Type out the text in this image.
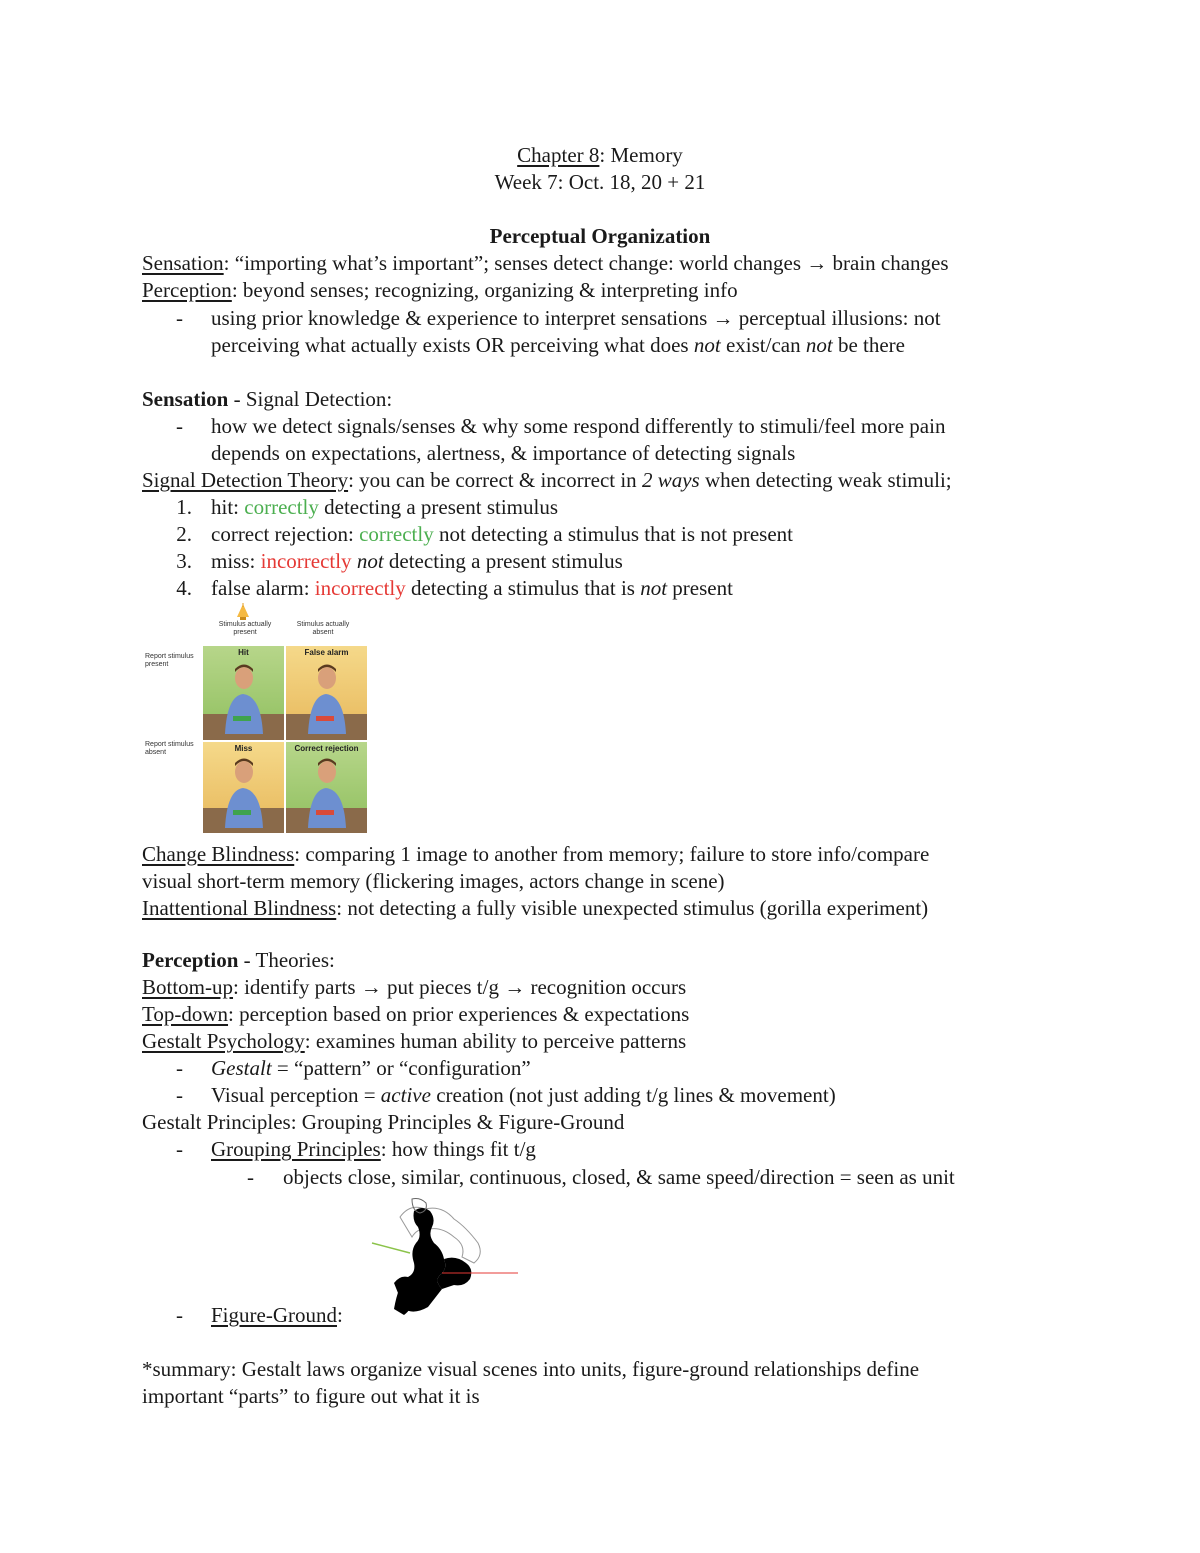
Chapter 8: Memory
Week 7: Oct. 18, 20 + 21
Perceptual Organization
Sensation: “importing what’s important”; senses detect change: world changes → brain changes
Perception: beyond senses; recognizing, organizing & interpreting info
- using prior knowledge & experience to interpret sensations → perceptual illusions: not
perceiving what actually exists OR perceiving what does not exist/can not be there
Sensation - Signal Detection:
- how we detect signals/senses & why some respond differently to stimuli/feel more pain
depends on expectations, alertness, & importance of detecting signals
Signal Detection Theory: you can be correct & incorrect in 2 ways when detecting weak stimuli;
1. hit: correctly detecting a present stimulus
2. correct rejection: correctly not detecting a stimulus that is not present
3. miss: incorrectly not detecting a present stimulus
4. false alarm: incorrectly detecting a stimulus that is not present
Stimulus actually present
Stimulus actually absent
Report stimulus present
Report stimulus absent
Hit	False alarm
Miss	Correct rejection
Change Blindness: comparing 1 image to another from memory; failure to store info/compare
visual short-term memory (flickering images, actors change in scene)
Inattentional Blindness: not detecting a fully visible unexpected stimulus (gorilla experiment)
Perception - Theories:
Bottom-up: identify parts → put pieces t/g → recognition occurs
Top-down: perception based on prior experiences & expectations
Gestalt Psychology: examines human ability to perceive patterns
- Gestalt = “pattern” or “configuration”
- Visual perception = active creation (not just adding t/g lines & movement)
Gestalt Principles: Grouping Principles & Figure-Ground
- Grouping Principles: how things fit t/g
- objects close, similar, continuous, closed, & same speed/direction = seen as unit
- Figure-Ground:
*summary: Gestalt laws organize visual scenes into units, figure-ground relationships define
important “parts” to figure out what it is
